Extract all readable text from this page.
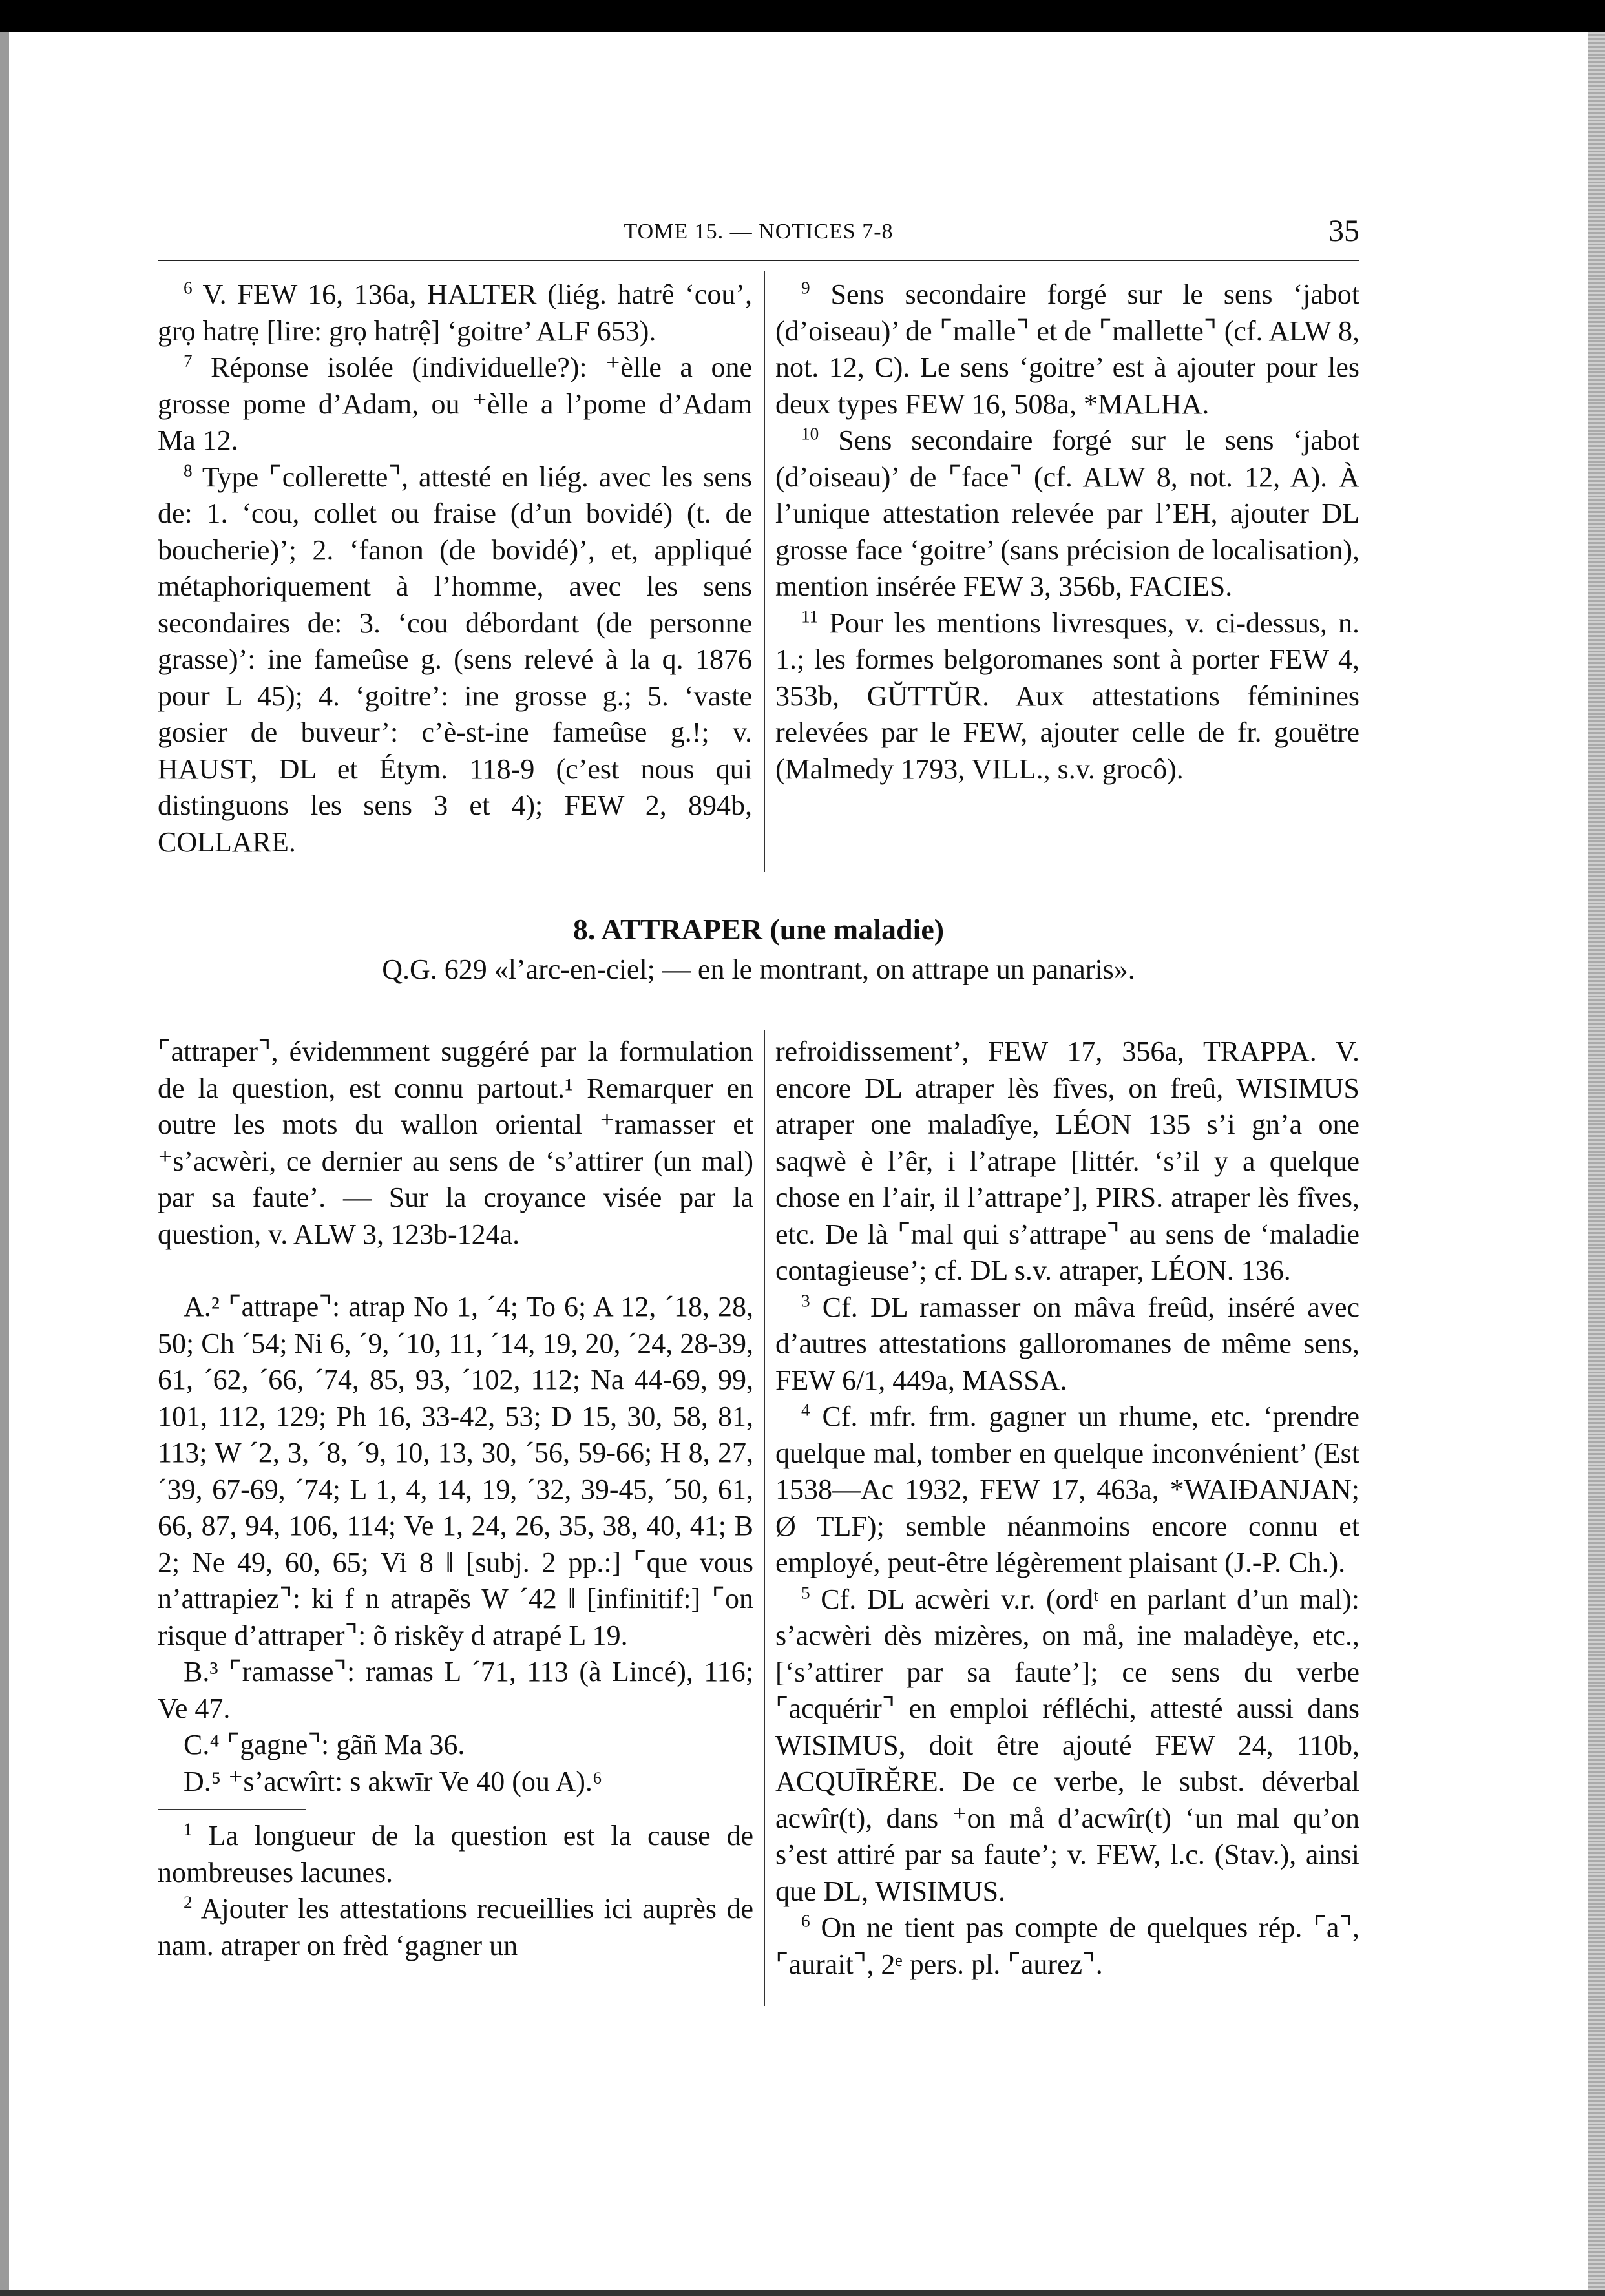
TOME 15. — NOTICES 7-8	35

$^6$ V. FEW 16, 136a, HALTER (liég. hatrê ‘cou’, grọ hatrẹ [lire: grọ hatrệ] ‘goitre’ ALF 653).

$^7$ Réponse isolée (individuelle?): ⁺èlle a one grosse pome d’Adam, ou ⁺èlle a l’pome d’Adam Ma 12.

$^8$ Type ⌜collerette⌝, attesté en liég. avec les sens de: 1. ‘cou, collet ou fraise (d’un bovidé) (t. de boucherie)’; 2. ‘fanon (de bovidé)’, et, appliqué métaphoriquement à l’homme, avec les sens secondaires de: 3. ‘cou débordant (de personne grasse)’: ine fameûse g. (sens relevé à la q. 1876 pour L 45); 4. ‘goitre’: ine grosse g.; 5. ‘vaste gosier de buveur’: c’è-st-ine fameûse g.!; v. HAUST, DL et Étym. 118-9 (c’est nous qui distinguons les sens 3 et 4); FEW 2, 894b, COLLARE.

$^9$ Sens secondaire forgé sur le sens ‘jabot (d’oiseau)’ de ⌜malle⌝ et de ⌜mallette⌝ (cf. ALW 8, not. 12, C). Le sens ‘goitre’ est à ajouter pour les deux types FEW 16, 508a, *MALHA.

$^{10}$ Sens secondaire forgé sur le sens ‘jabot (d’oiseau)’ de ⌜face⌝ (cf. ALW 8, not. 12, A). À l’unique attestation relevée par l’EH, ajouter DL grosse face ‘goitre’ (sans précision de localisation), mention insérée FEW 3, 356b, FACIES.

$^{11}$ Pour les mentions livresques, v. ci-dessus, n. 1.; les formes belgoromanes sont à porter FEW 4, 353b, GŬTTŬR. Aux attestations féminines relevées par le FEW, ajouter celle de fr. gouëtre (Malmedy 1793, VILL., s.v. grocô).

8. ATTRAPER (une maladie)
Q.G. 629 «l’arc-en-ciel; — en le montrant, on attrape un panaris».

⌜attraper⌝, évidemment suggéré par la formulation de la question, est connu partout.¹ Remarquer en outre les mots du wallon oriental ⁺ramasser et ⁺s’acwèri, ce dernier au sens de ‘s’attirer (un mal) par sa faute’. — Sur la croyance visée par la question, v. ALW 3, 123b-124a.

A.² ⌜attrape⌝: atrap No 1, ´4; To 6; A 12, ´18, 28, 50; Ch ´54; Ni 6, ´9, ´10, 11, ´14, 19, 20, ´24, 28-39, 61, ´62, ´66, ´74, 85, 93, ´102, 112; Na 44-69, 99, 101, 112, 129; Ph 16, 33-42, 53; D 15, 30, 58, 81, 113; W ´2, 3, ´8, ´9, 10, 13, 30, ´56, 59-66; H 8, 27, ´39, 67-69, ´74; L 1, 4, 14, 19, ´32, 39-45, ´50, 61, 66, 87, 94, 106, 114; Ve 1, 24, 26, 35, 38, 40, 41; B 2; Ne 49, 60, 65; Vi 8 ‖ [subj. 2 pp.:] ⌜que vous n’attrapiez⌝: ki f n atrapẽs W ´42 ‖ [infinitif:] ⌜on risque d’attraper⌝: õ riskẽy d atrapé L 19.

B.³ ⌜ramasse⌝: ramas L ´71, 113 (à Lincé), 116; Ve 47.

C.⁴ ⌜gagne⌝: gãñ Ma 36.

D.⁵ ⁺s’acwîrt: s akwīr Ve 40 (ou A).⁶

$^1$ La longueur de la question est la cause de nombreuses lacunes.

$^2$ Ajouter les attestations recueillies ici auprès de nam. atraper on frèd ‘gagner un

refroidissement’, FEW 17, 356a, TRAPPA. V. encore DL atraper lès fîves, on freû, WISIMUS atraper one maladîye, LÉON 135 s’i gn’a one saqwè è l’êr, i l’atrape [littér. ‘s’il y a quelque chose en l’air, il l’attrape’], PIRS. atraper lès fîves, etc. De là ⌜mal qui s’attrape⌝ au sens de ‘maladie contagieuse’; cf. DL s.v. atraper, LÉON. 136.

$^3$ Cf. DL ramasser on mâva freûd, inséré avec d’autres attestations galloromanes de même sens, FEW 6/1, 449a, MASSA.

$^4$ Cf. mfr. frm. gagner un rhume, etc. ‘prendre quelque mal, tomber en quelque inconvénient’ (Est 1538—Ac 1932, FEW 17, 463a, *WAIÐANJAN; Ø TLF); semble néanmoins encore connu et employé, peut-être légèrement plaisant (J.-P. Ch.).

$^5$ Cf. DL acwèri v.r. (ordᵗ en parlant d’un mal): s’acwèri dès mizères, on må, ine maladèye, etc., [‘s’attirer par sa faute’]; ce sens du verbe ⌜acquérir⌝ en emploi réfléchi, attesté aussi dans WISIMUS, doit être ajouté FEW 24, 110b, ACQUĪRĔRE. De ce verbe, le subst. déverbal acwîr(t), dans ⁺on må d’acwîr(t) ‘un mal qu’on s’est attiré par sa faute’; v. FEW, l.c. (Stav.), ainsi que DL, WISIMUS.

$^6$ On ne tient pas compte de quelques rép. ⌜a⌝, ⌜aurait⌝, 2ᵉ pers. pl. ⌜aurez⌝.
